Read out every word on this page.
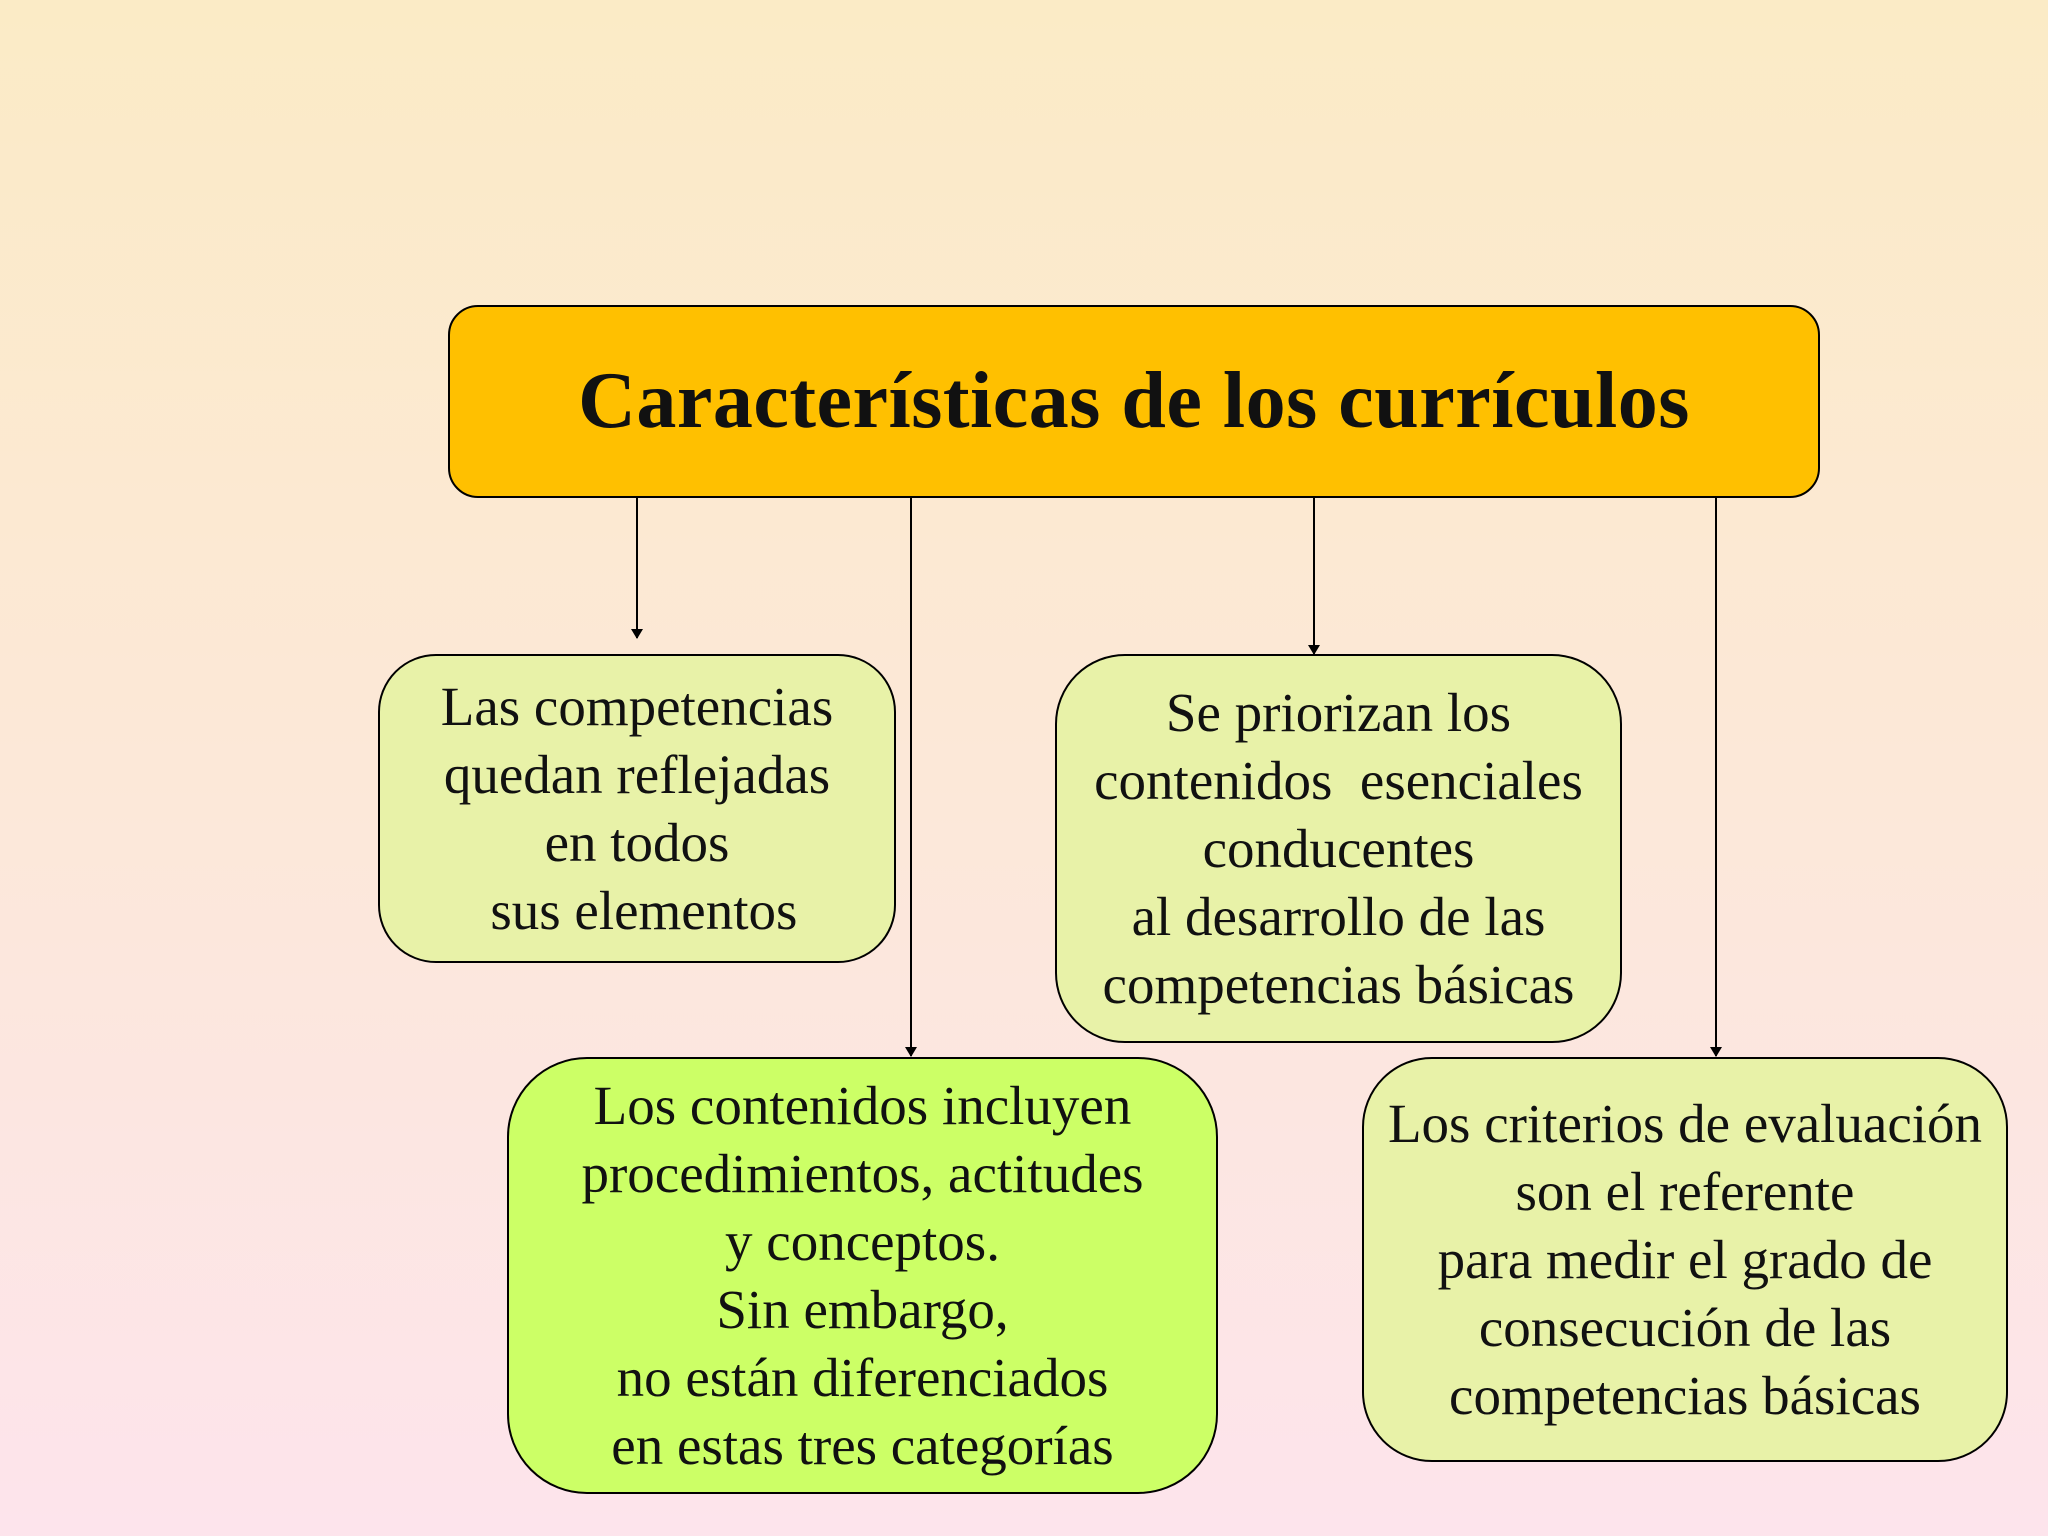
Características de los currículos
Las competencias
quedan reflejadas
en todos
sus elementos
Se priorizan los
contenidos  esenciales
conducentes
al desarrollo de las
competencias básicas
Los contenidos incluyen
procedimientos, actitudes
y conceptos.
Sin embargo,
no están diferenciados
en estas tres categorías
Los criterios de evaluación
son el referente
para medir el grado de
consecución de las
competencias básicas
